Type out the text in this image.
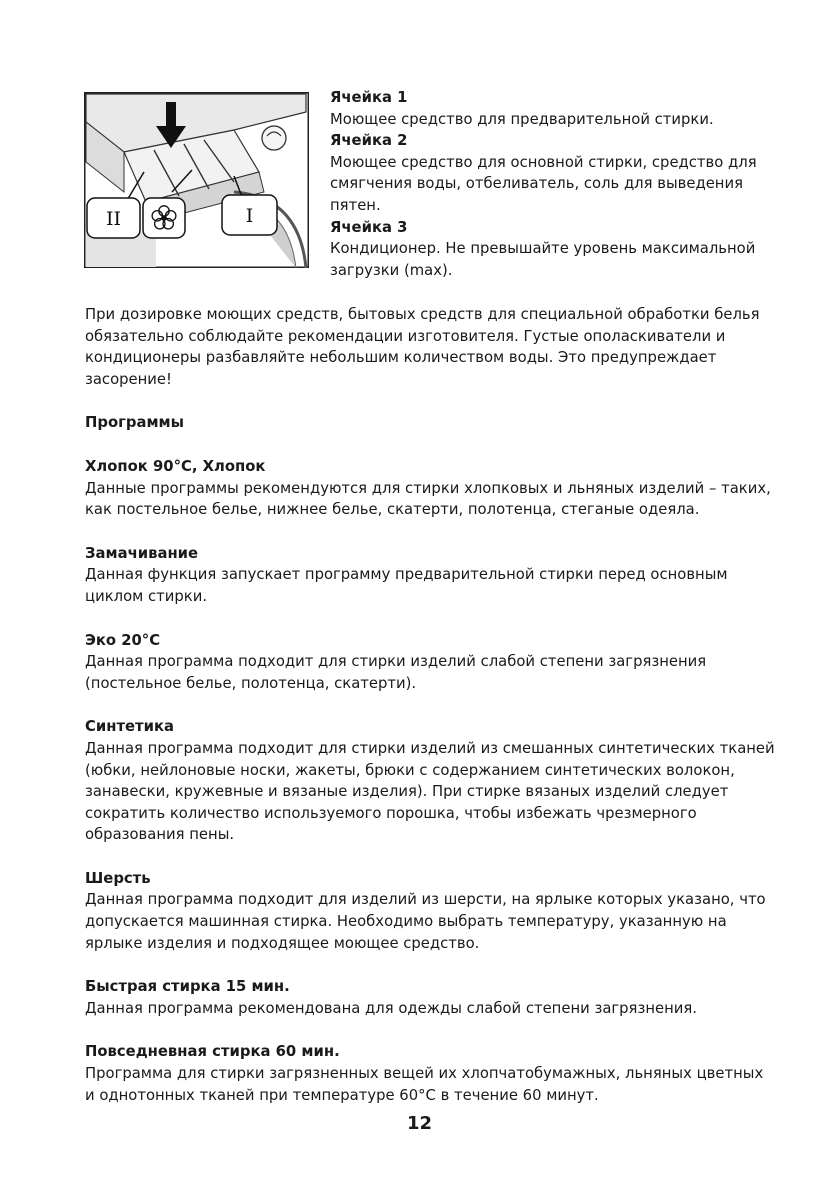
II	I

Ячейка 1

Моющее средство для предварительной стирки.

Ячейка 2

Моющее средство для основной стирки, средство для смягчения воды, отбеливатель, соль для выведения пятен.

Ячейка 3

Кондиционер. Не превышайте уровень максимальной загрузки (max).

При дозировке моющих средств, бытовых средств для специальной обработки белья обязательно соблюдайте рекомендации изготовителя. Густые ополаскиватели и кондиционеры разбавляйте небольшим количеством воды. Это предупреждает засорение!

Программы

Хлопок 90°C, Хлопок

Данные программы рекомендуются для стирки хлопковых и льняных изделий – таких, как постельное белье, нижнее белье, скатерти, полотенца, стеганые одеяла.

Замачивание

Данная функция запускает программу предварительной стирки перед основным циклом стирки.

Эко 20°C

Данная программа подходит для стирки изделий слабой степени загрязнения (постельное белье, полотенца, скатерти).

Синтетика

Данная программа подходит для стирки изделий из смешанных синтетических тканей (юбки, нейлоновые носки, жакеты, брюки с содержанием синтетических волокон, занавески, кружевные и вязаные изделия). При стирке вязаных изделий следует сократить количество используемого порошка, чтобы избежать чрезмерного образования пены.

Шерсть

Данная программа подходит для изделий из шерсти, на ярлыке которых указано, что допускается машинная стирка. Необходимо выбрать температуру, указанную на ярлыке изделия и подходящее моющее средство.

Быстрая стирка 15 мин.

Данная программа рекомендована для одежды слабой степени загрязнения.

Повседневная стирка 60 мин.

Программа для стирки загрязненных вещей их хлопчатобумажных, льняных цветных и однотонных тканей при температуре 60°C в течение 60 минут.

12
